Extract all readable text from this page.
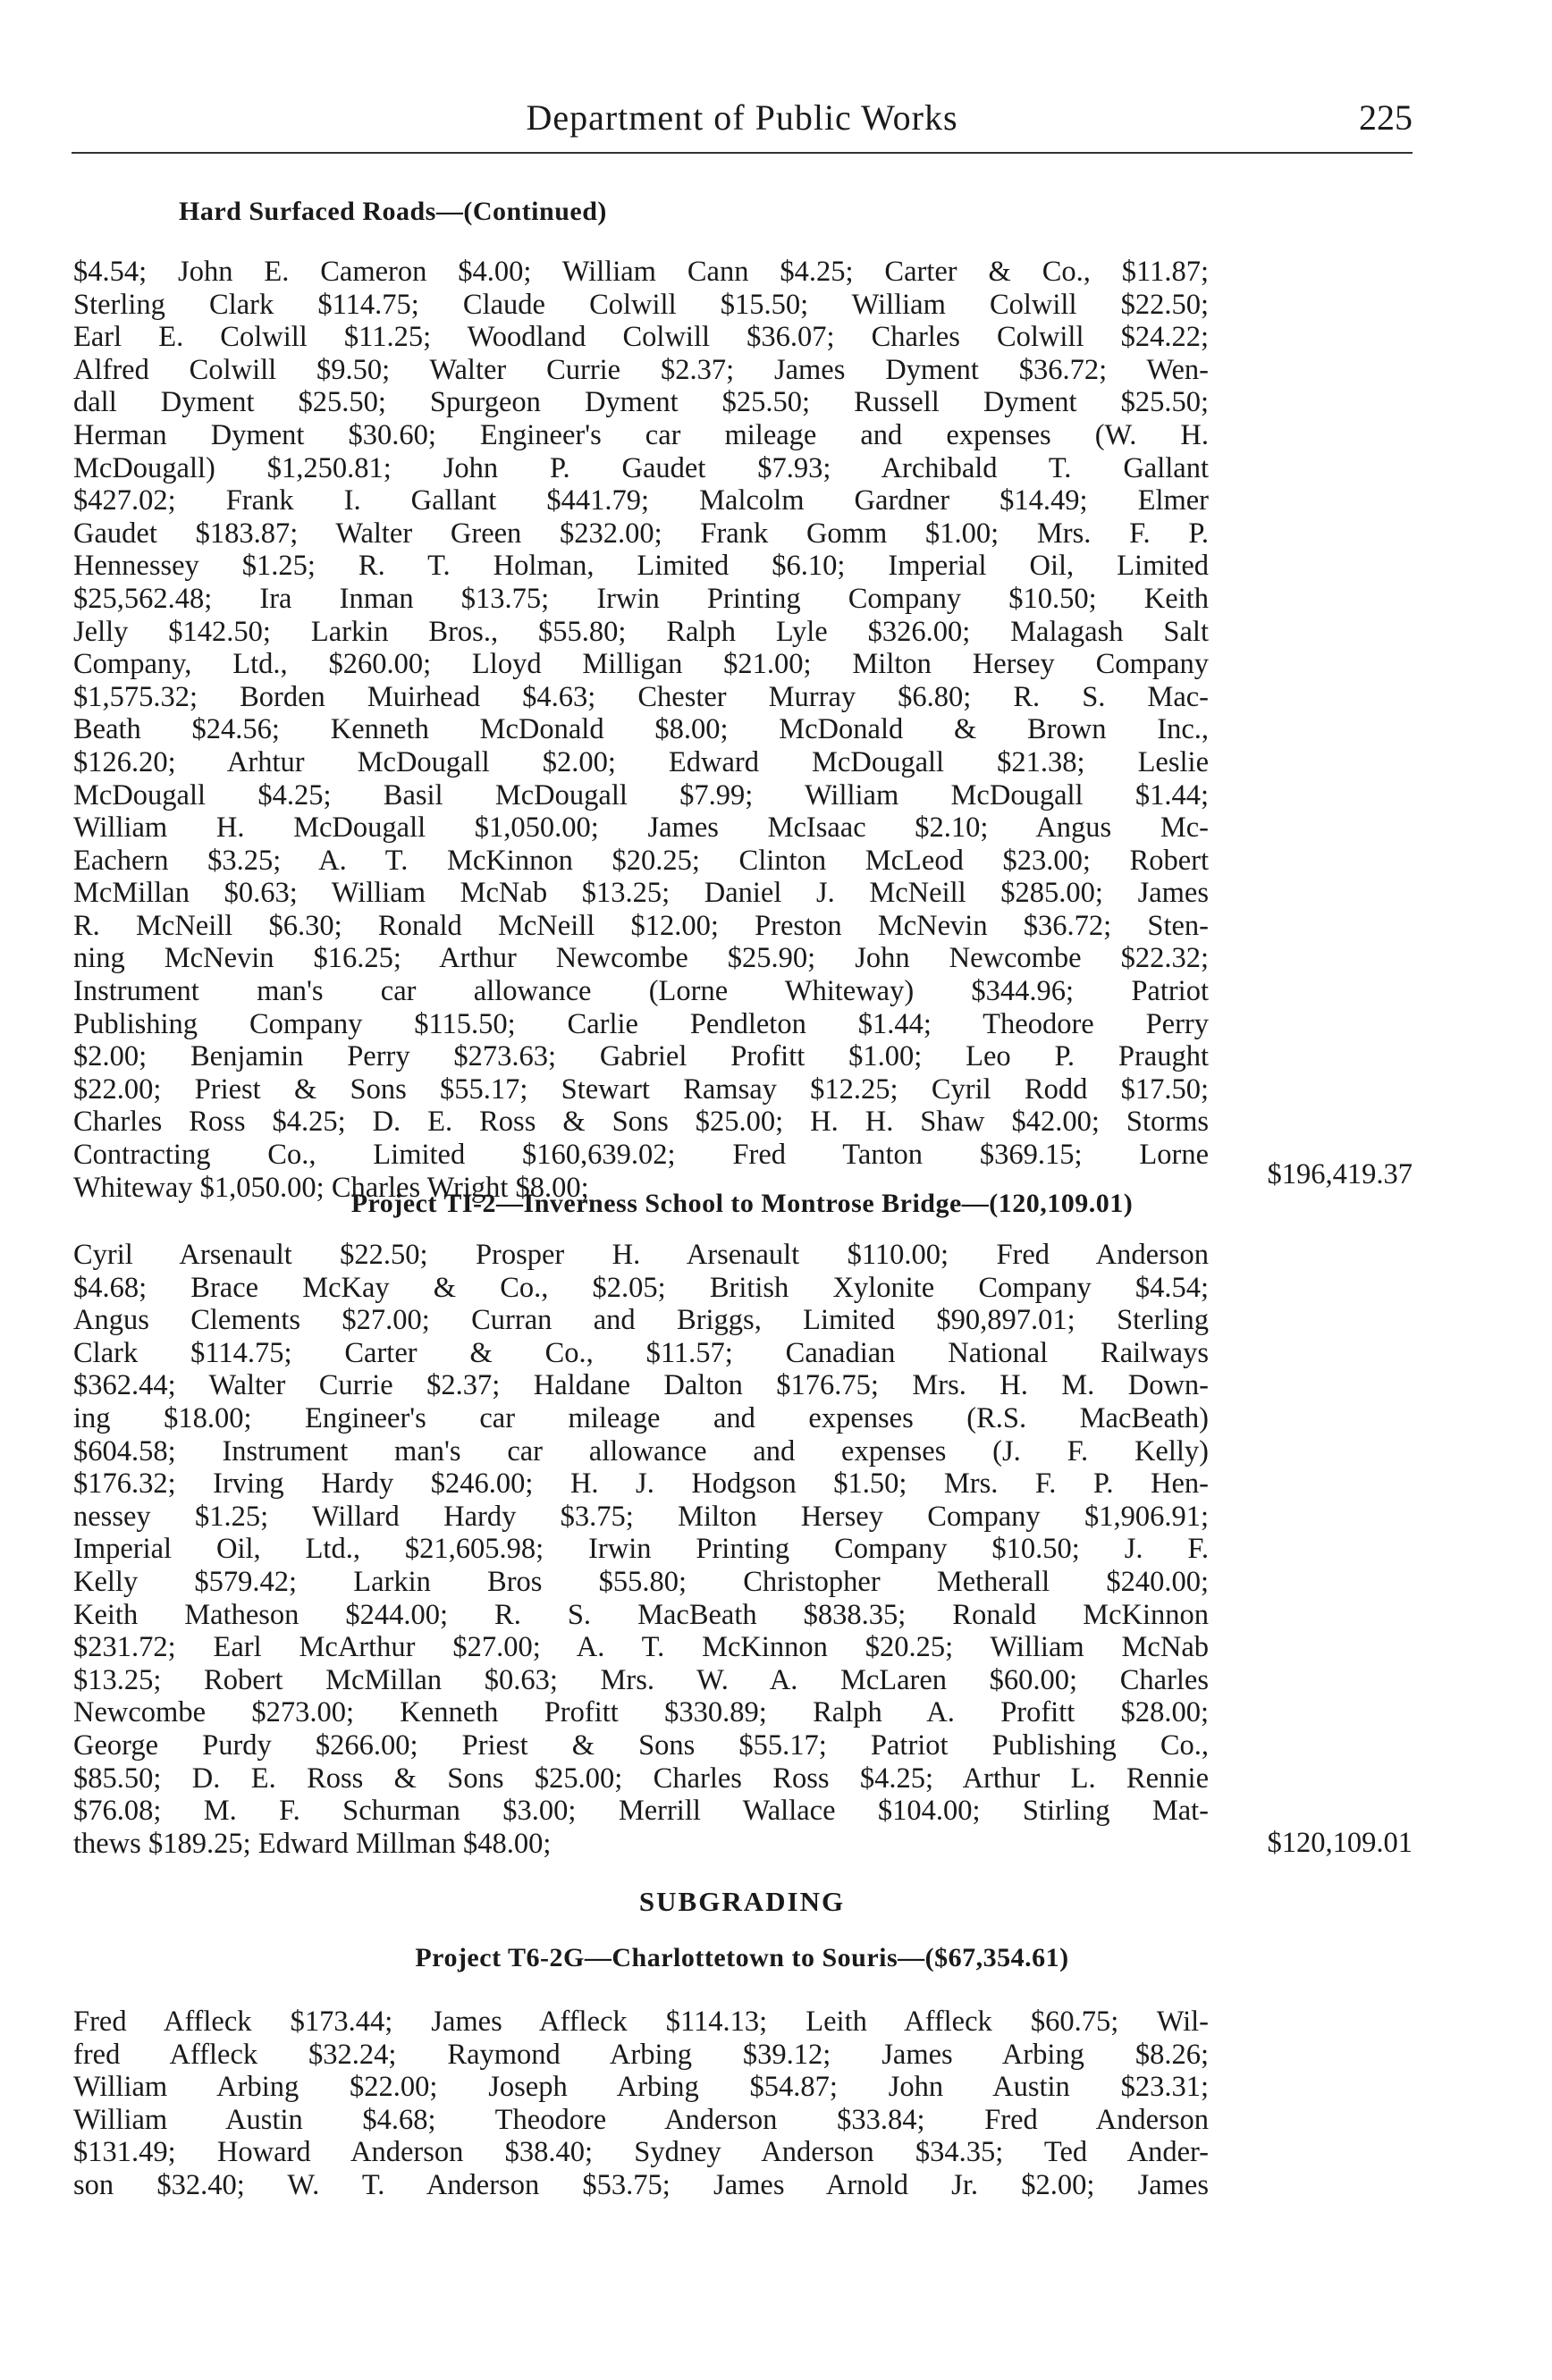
Department of Public Works	225
Hard Surfaced Roads—(Continued)
$4.54; John E. Cameron $4.00; William Cann $4.25; Carter & Co., $11.87;
Sterling Clark $114.75; Claude Colwill $15.50; William Colwill $22.50;
Earl E. Colwill $11.25; Woodland Colwill $36.07; Charles Colwill $24.22;
Alfred Colwill $9.50; Walter Currie $2.37; James Dyment $36.72; Wen-
dall Dyment $25.50; Spurgeon Dyment $25.50; Russell Dyment $25.50;
Herman Dyment $30.60; Engineer's car mileage and expenses (W. H.
McDougall) $1,250.81; John P. Gaudet $7.93; Archibald T. Gallant
$427.02; Frank I. Gallant $441.79; Malcolm Gardner $14.49; Elmer
Gaudet $183.87; Walter Green $232.00; Frank Gomm $1.00; Mrs. F. P.
Hennessey $1.25; R. T. Holman, Limited $6.10; Imperial Oil, Limited
$25,562.48; Ira Inman $13.75; Irwin Printing Company $10.50; Keith
Jelly $142.50; Larkin Bros., $55.80; Ralph Lyle $326.00; Malagash Salt
Company, Ltd., $260.00; Lloyd Milligan $21.00; Milton Hersey Company
$1,575.32; Borden Muirhead $4.63; Chester Murray $6.80; R. S. Mac-
Beath $24.56; Kenneth McDonald $8.00; McDonald & Brown Inc.,
$126.20; Arhtur McDougall $2.00; Edward McDougall $21.38; Leslie
McDougall $4.25; Basil McDougall $7.99; William McDougall $1.44;
William H. McDougall $1,050.00; James McIsaac $2.10; Angus Mc-
Eachern $3.25; A. T. McKinnon $20.25; Clinton McLeod $23.00; Robert
McMillan $0.63; William McNab $13.25; Daniel J. McNeill $285.00; James
R. McNeill $6.30; Ronald McNeill $12.00; Preston McNevin $36.72; Sten-
ning McNevin $16.25; Arthur Newcombe $25.90; John Newcombe $22.32;
Instrument man's car allowance (Lorne Whiteway) $344.96; Patriot
Publishing Company $115.50; Carlie Pendleton $1.44; Theodore Perry
$2.00; Benjamin Perry $273.63; Gabriel Profitt $1.00; Leo P. Praught
$22.00; Priest & Sons $55.17; Stewart Ramsay $12.25; Cyril Rodd $17.50;
Charles Ross $4.25; D. E. Ross & Sons $25.00; H. H. Shaw $42.00; Storms
Contracting Co., Limited $160,639.02; Fred Tanton $369.15; Lorne
Whiteway $1,050.00; Charles Wright $8.00;	$196,419.37
Project TI-2—Inverness School to Montrose Bridge—(120,109.01)
Cyril Arsenault $22.50; Prosper H. Arsenault $110.00; Fred Anderson
$4.68; Brace McKay & Co., $2.05; British Xylonite Company $4.54;
Angus Clements $27.00; Curran and Briggs, Limited $90,897.01; Sterling
Clark $114.75; Carter & Co., $11.57; Canadian National Railways
$362.44; Walter Currie $2.37; Haldane Dalton $176.75; Mrs. H. M. Down-
ing $18.00; Engineer's car mileage and expenses (R.S. MacBeath)
$604.58; Instrument man's car allowance and expenses (J. F. Kelly)
$176.32; Irving Hardy $246.00; H. J. Hodgson $1.50; Mrs. F. P. Hen-
nessey $1.25; Willard Hardy $3.75; Milton Hersey Company $1,906.91;
Imperial Oil, Ltd., $21,605.98; Irwin Printing Company $10.50; J. F.
Kelly $579.42; Larkin Bros $55.80; Christopher Metherall $240.00;
Keith Matheson $244.00; R. S. MacBeath $838.35; Ronald McKinnon
$231.72; Earl McArthur $27.00; A. T. McKinnon $20.25; William McNab
$13.25; Robert McMillan $0.63; Mrs. W. A. McLaren $60.00; Charles
Newcombe $273.00; Kenneth Profitt $330.89; Ralph A. Profitt $28.00;
George Purdy $266.00; Priest & Sons $55.17; Patriot Publishing Co.,
$85.50; D. E. Ross & Sons $25.00; Charles Ross $4.25; Arthur L. Rennie
$76.08; M. F. Schurman $3.00; Merrill Wallace $104.00; Stirling Mat-
thews $189.25; Edward Millman $48.00;	$120,109.01
SUBGRADING
Project T6-2G—Charlottetown to Souris—($67,354.61)
Fred Affleck $173.44; James Affleck $114.13; Leith Affleck $60.75; Wil-
fred Affleck $32.24; Raymond Arbing $39.12; James Arbing $8.26;
William Arbing $22.00; Joseph Arbing $54.87; John Austin $23.31;
William Austin $4.68; Theodore Anderson $33.84; Fred Anderson
$131.49; Howard Anderson $38.40; Sydney Anderson $34.35; Ted Ander-
son $32.40; W. T. Anderson $53.75; James Arnold Jr. $2.00; James
